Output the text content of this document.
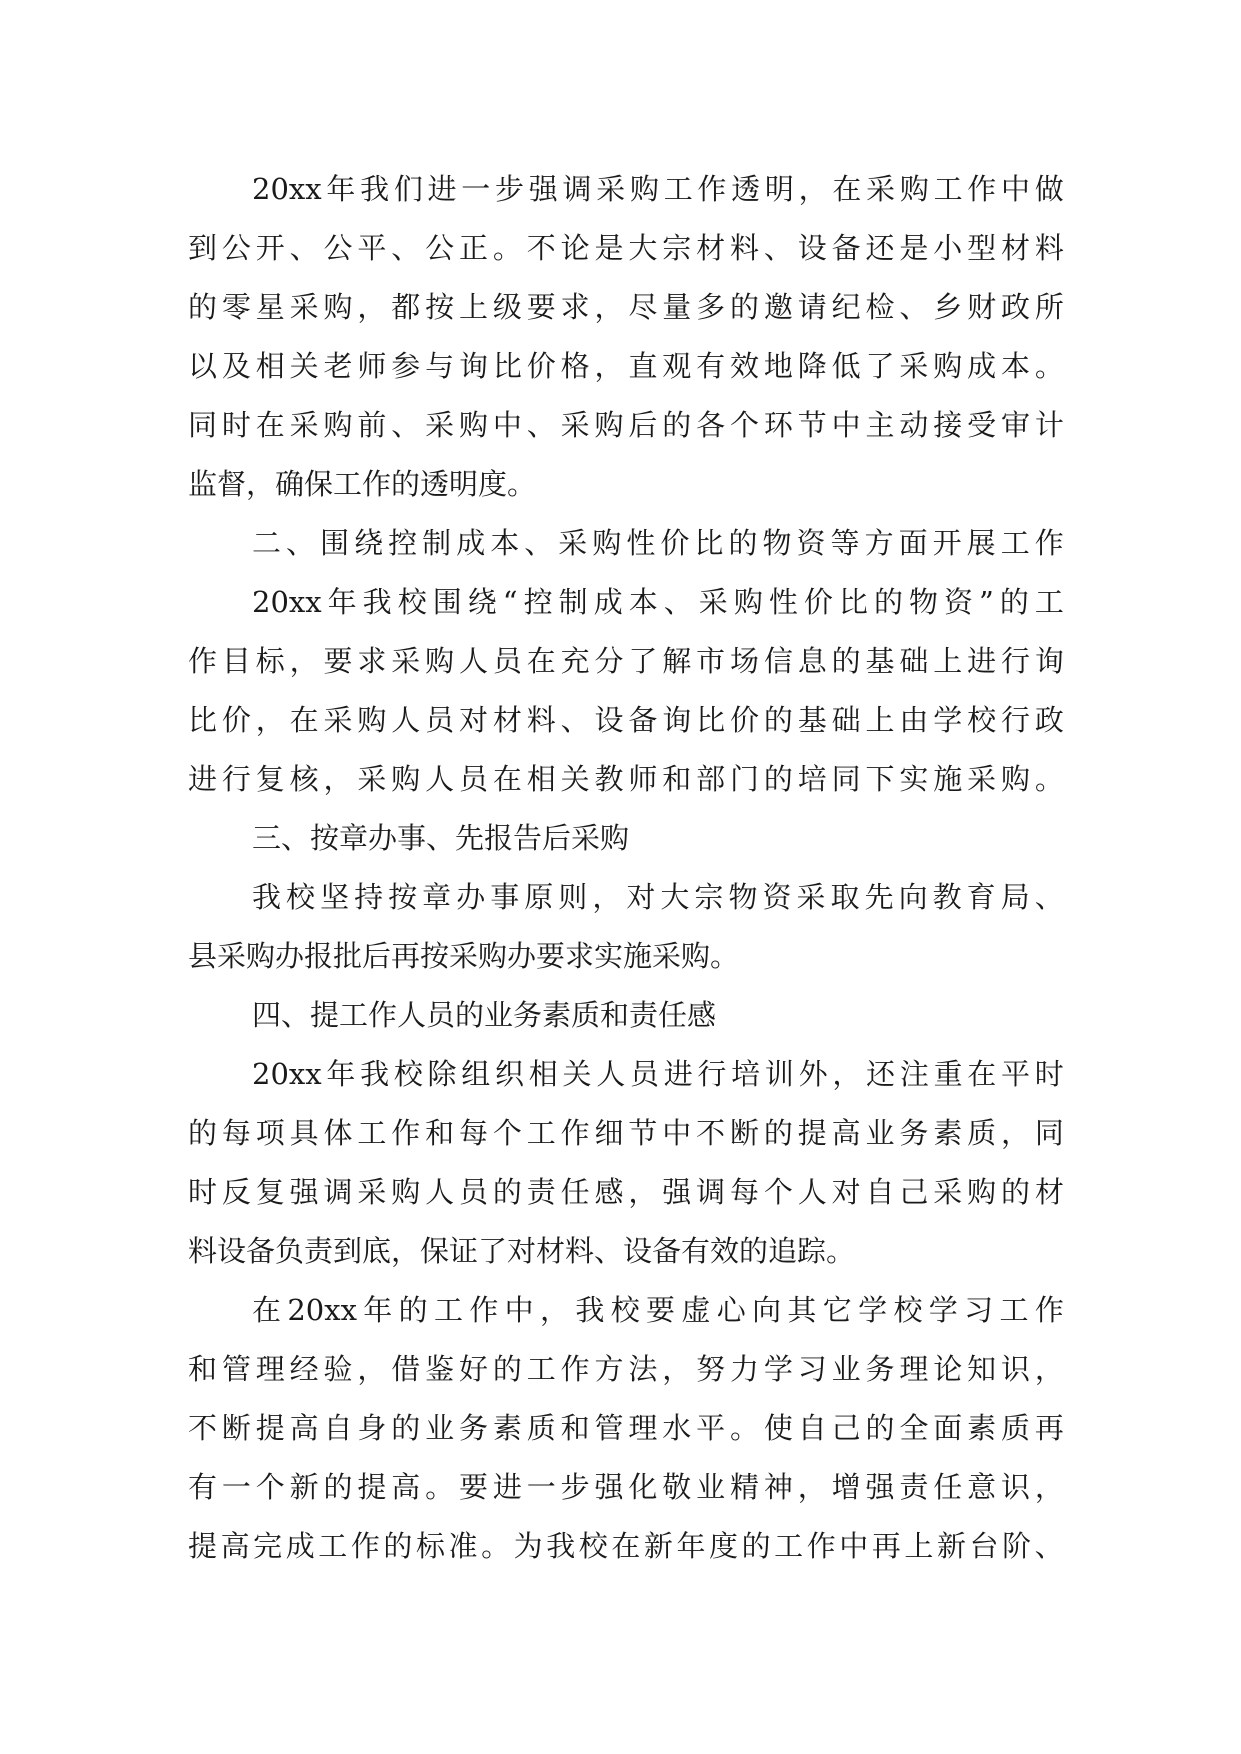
20xx 年 我 们 进 一 步 强 调 采 购 工 作 透 明 ， 在 采 购 工 作 中 做
到 公 开 、 公 平 、 公 正 。 不 论 是 大 宗 材 料 、 设 备 还 是 小 型 材 料
的 零 星 采 购 ， 都 按 上 级 要 求 ， 尽 量 多 的 邀 请 纪 检 、 乡 财 政 所
以 及 相 关 老 师 参 与 询 比 价 格 ， 直 观 有 效 地 降 低 了 采 购 成 本 。
同 时 在 采 购 前 、 采 购 中 、 采 购 后 的 各 个 环 节 中 主 动 接 受 审 计
监督，确保工作的透明度。
二 、 围 绕 控 制 成 本 、 采 购 性 价 比 的 物 资 等 方 面 开 展 工 作
20xx 年 我 校 围 绕 “ 控 制 成 本 、 采 购 性 价 比 的 物 资 ” 的 工
作 目 标 ， 要 求 采 购 人 员 在 充 分 了 解 市 场 信 息 的 基 础 上 进 行 询
比 价 ， 在 采 购 人 员 对 材 料 、 设 备 询 比 价 的 基 础 上 由 学 校 行 政
进 行 复 核 ， 采 购 人 员 在 相 关 教 师 和 部 门 的 培 同 下 实 施 采 购 。
三、按章办事、先报告后采购
我 校 坚 持 按 章 办 事 原 则 ， 对 大 宗 物 资 采 取 先 向 教 育 局 、
县采购办报批后再按采购办要求实施采购。
四、提工作人员的业务素质和责任感
20xx 年 我 校 除 组 织 相 关 人 员 进 行 培 训 外 ， 还 注 重 在 平 时
的 每 项 具 体 工 作 和 每 个 工 作 细 节 中 不 断 的 提 高 业 务 素 质 ， 同
时 反 复 强 调 采 购 人 员 的 责 任 感 ， 强 调 每 个 人 对 自 己 采 购 的 材
料设备负责到底，保证了对材料、设备有效的追踪。
在 20xx 年 的 工 作 中 ， 我 校 要 虚 心 向 其 它 学 校 学 习 工 作
和 管 理 经 验 ， 借 鉴 好 的 工 作 方 法 ， 努 力 学 习 业 务 理 论 知 识 ，
不 断 提 高 自 身 的 业 务 素 质 和 管 理 水 平 。 使 自 己 的 全 面 素 质 再
有 一 个 新 的 提 高 。 要 进 一 步 强 化 敬 业 精 神 ， 增 强 责 任 意 识 ，
提 高 完 成 工 作 的 标 准 。 为 我 校 在 新 年 度 的 工 作 中 再 上 新 台 阶 、
